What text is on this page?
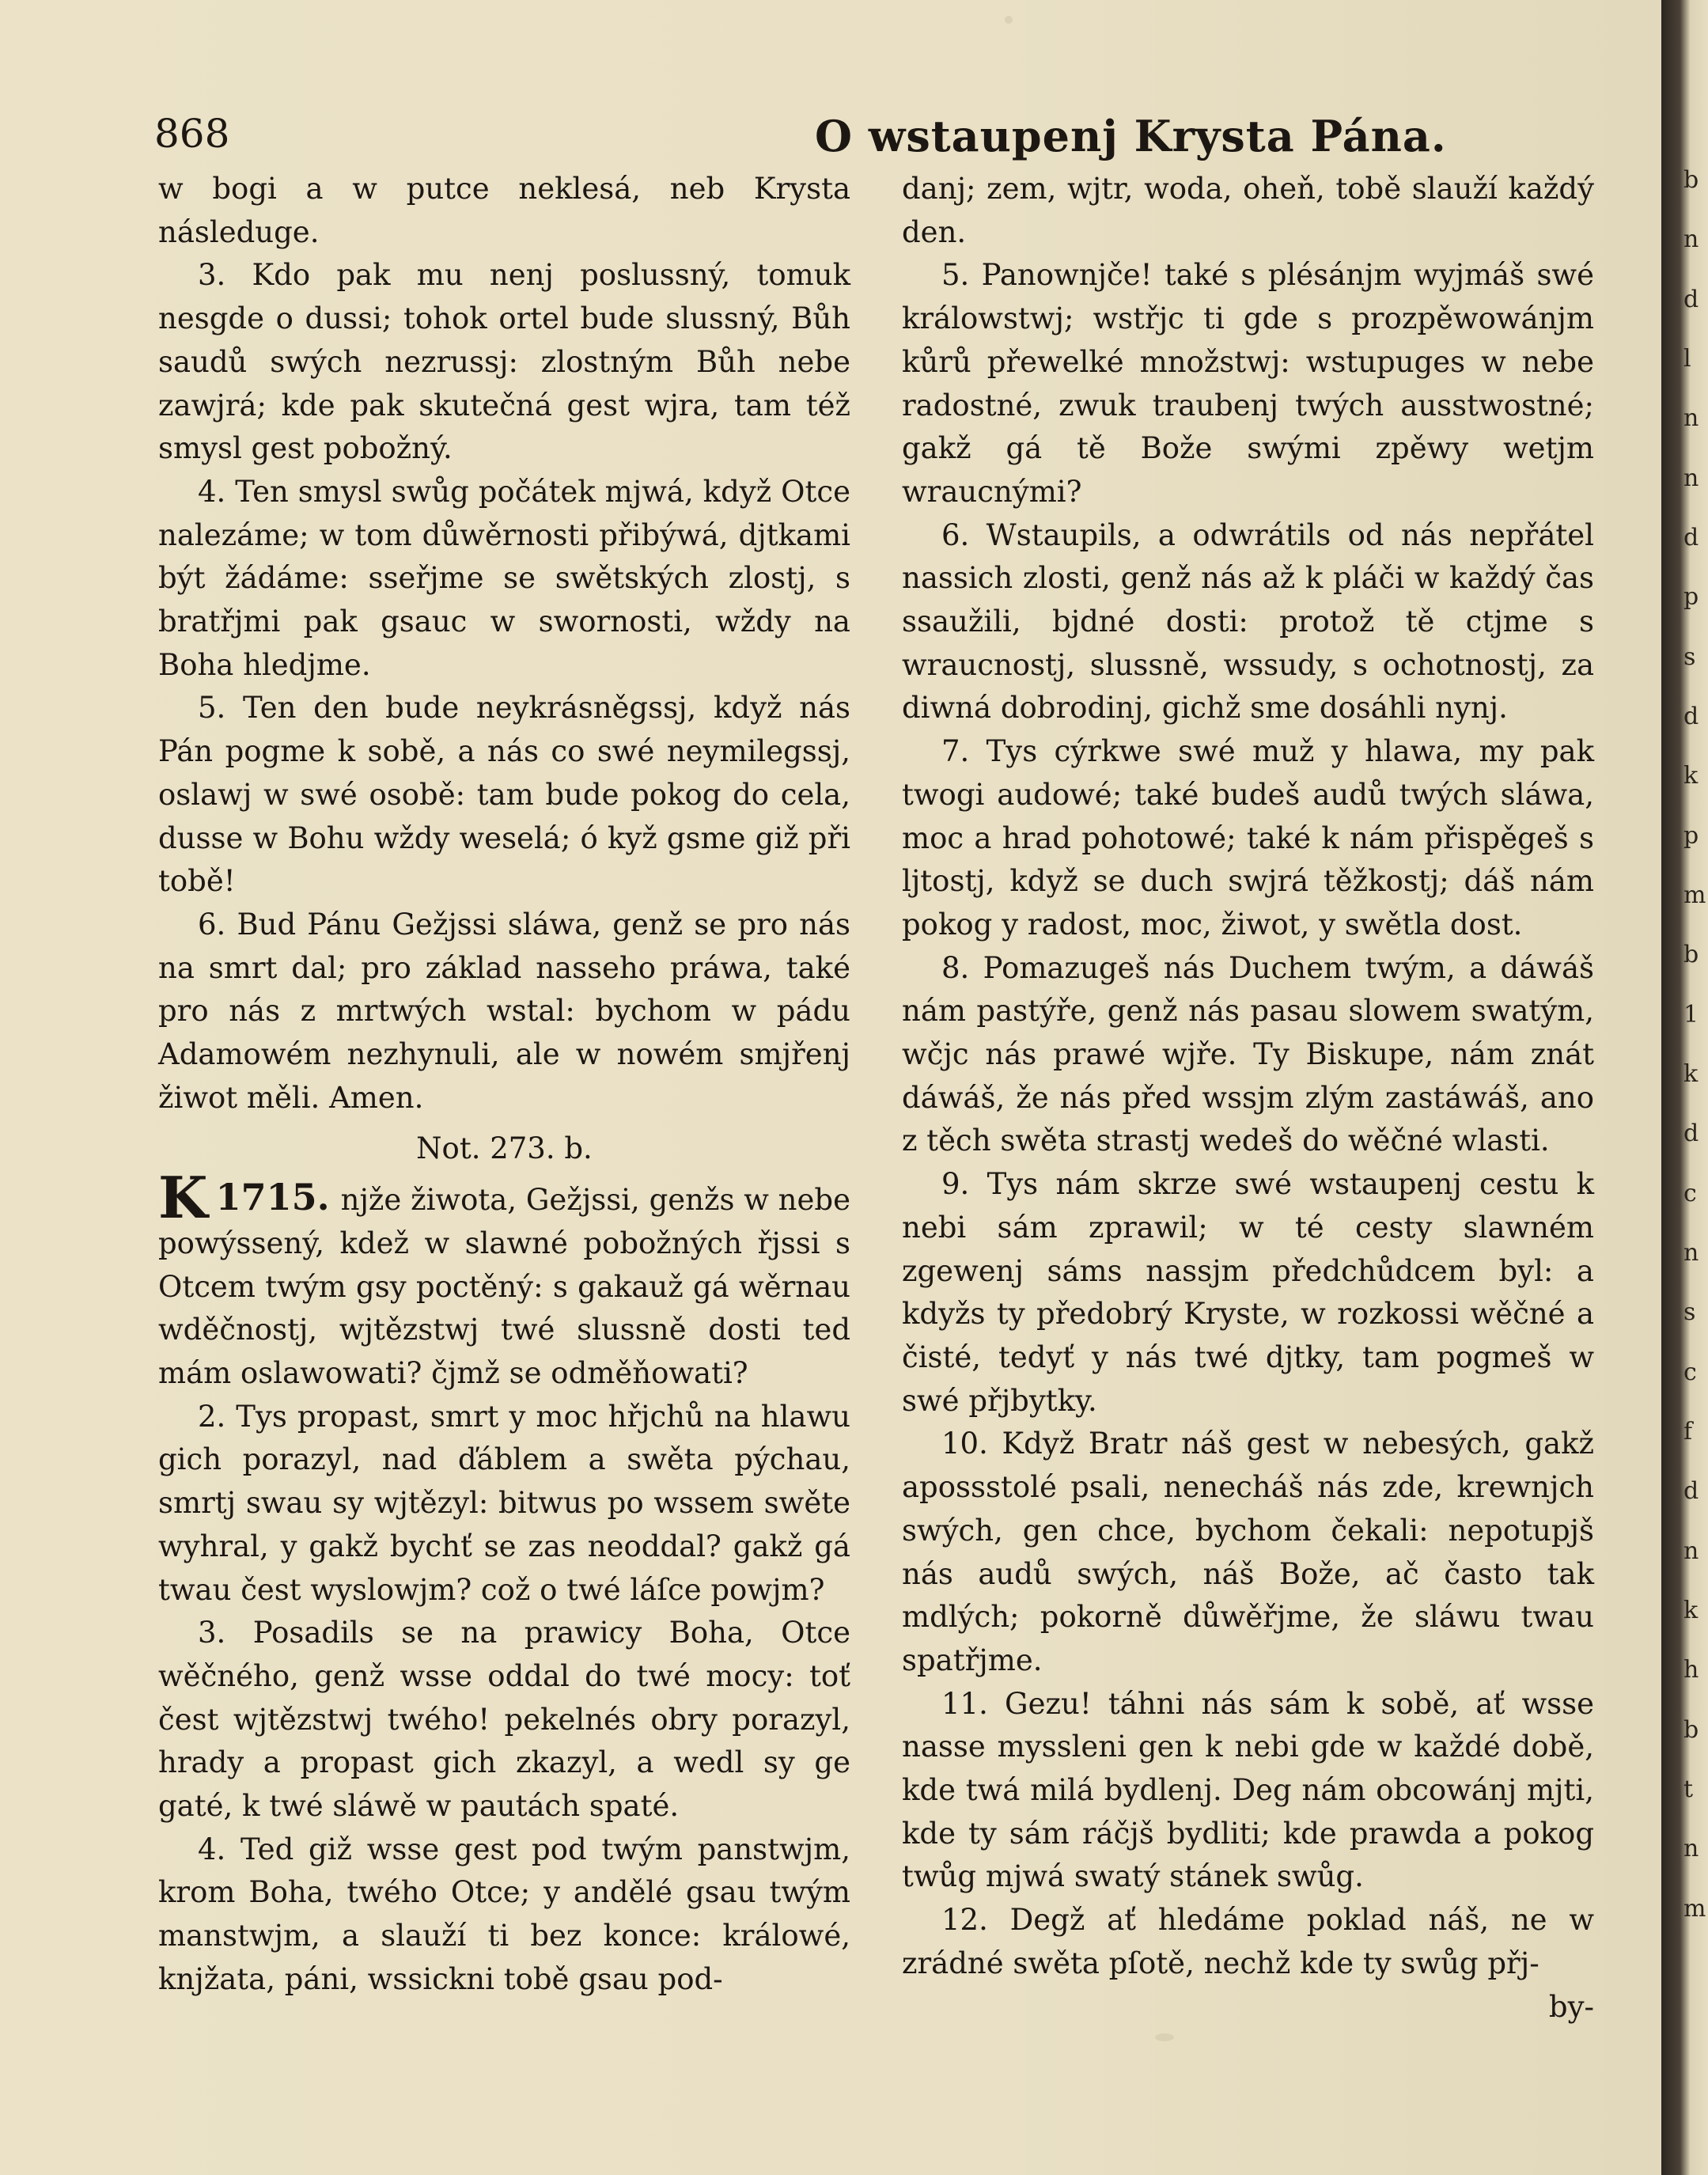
868	O wstaupenj Krysta Pána.

w bogi a w putce neklesá, neb Krysta následuge.

3. Kdo pak mu nenj poslussný, tomuk nesgde o dussi; tohok ortel bude slussný, Bůh saudů swých nezrussj: zlostným Bůh nebe zawjrá; kde pak skutečná gest wjra, tam též smysl gest pobožný.

4. Ten smysl swůg počátek mjwá, když Otce nalezáme; w tom důwěrnosti přibýwá, djtkami být žádáme: sseřjme se swětských zlostj, s bratřjmi pak gsauc w swornosti, wždy na Boha hledjme.

5. Ten den bude neykrásněgssj, když nás Pán pogme k sobě, a nás co swé neymilegssj, oslawj w swé osobě: tam bude pokog do cela, dusse w Bohu wždy weselá; ó kyž gsme giž při tobě!

6. Bud Pánu Gežjssi sláwa, genž se pro nás na smrt dal; pro základ nasseho práwa, také pro nás z mrtwých wstal: bychom w pádu Adamowém nezhynuli, ale w nowém smjřenj žiwot měli. Amen.

Not. 273. b.

1715.
K	njže žiwota, Gežjssi, genžs w nebe powýssený, kdež w slawné pobožných řjssi s Otcem twým gsy poctěný: s gakauž gá wěrnau wděčnostj, wjtězstwj twé slussně dosti ted mám oslawowati? čjmž se odměňowati?

2. Tys propast, smrt y moc hřjchů na hlawu gich porazyl, nad ďáblem a swěta pýchau, smrtj swau sy wjtězyl: bitwus po wssem swěte wyhral, y gakž bychť se zas neoddal? gakž gá twau čest wyslowjm? což o twé láſce powjm?

3. Posadils se na prawicy Boha, Otce wěčného, genž wsse oddal do twé mocy: toť čest wjtězstwj twého! pekelnés obry porazyl, hrady a propast gich zkazyl, a wedl sy ge gaté, k twé sláwě w pautách spaté.

4. Ted giž wsse gest pod twým panstwjm, krom Boha, twého Otce; y andělé gsau twým manstwjm, a slauží ti bez konce: králowé, knjžata, páni, wssickni tobě gsau pod-

danj; zem, wjtr, woda, oheň, tobě slauží každý den.

5. Panownjče! také s plésánjm wyjmáš swé králowstwj; wstřjc ti gde s prozpěwowánjm kůrů přewelké množstwj: wstupuges w nebe radostné, zwuk traubenj twých ausstwostné; gakž gá tě Bože swými zpěwy wetjm wraucnými?

6. Wstaupils, a odwrátils od nás nepřátel nassich zlosti, genž nás až k pláči w každý čas ssaužili, bjdné dosti: protož tě ctjme s wraucnostj, slussně, wssudy, s ochotnostj, za diwná dobrodinj, gichž sme dosáhli nynj.

7. Tys cýrkwe swé muž y hlawa, my pak twogi audowé; také budeš audů twých sláwa, moc a hrad pohotowé; také k nám přispěgeš s ljtostj, když se duch swjrá těžkostj; dáš nám pokog y radost, moc, žiwot, y swětla dost.

8. Pomazugeš nás Duchem twým, a dáwáš nám pastýře, genž nás pasau slowem swatým, wčjc nás prawé wjře. Ty Biskupe, nám znát dáwáš, že nás před wssjm zlým zastáwáš, ano z těch swěta strastj wedeš do wěčné wlasti.

9. Tys nám skrze swé wstaupenj cestu k nebi sám zprawil; w té cesty slawném zgewenj sáms nassjm předchůdcem byl: a kdyžs ty předobrý Kryste, w rozkossi wěčné a čisté, tedyť y nás twé djtky, tam pogmeš w swé přjbytky.

10. Když Bratr náš gest w nebesých, gakž apossstolé psali, nenecháš nás zde, krewnjch swých, gen chce, bychom čekali: nepotupjš nás audů swých, náš Bože, ač často tak mdlých; pokorně důwěřjme, že sláwu twau spatřjme.

11. Gezu! táhni nás sám k sobě, ať wsse nasse myssleni gen k nebi gde w každé době, kde twá milá bydlenj. Deg nám obcowánj mjti, kde ty sám ráčjš bydliti; kde prawda a pokog twůg mjwá swatý stánek swůg.

12. Degž ať hledáme poklad náš, ne w zrádné swěta pſotě, nechž kde ty swůg přj-

by-

b
n
d
l
n
n
d
p
s
d
k
p
m
b
1
k
d
c
n
s
c
f
d
n
k
h
b
t
n
m
